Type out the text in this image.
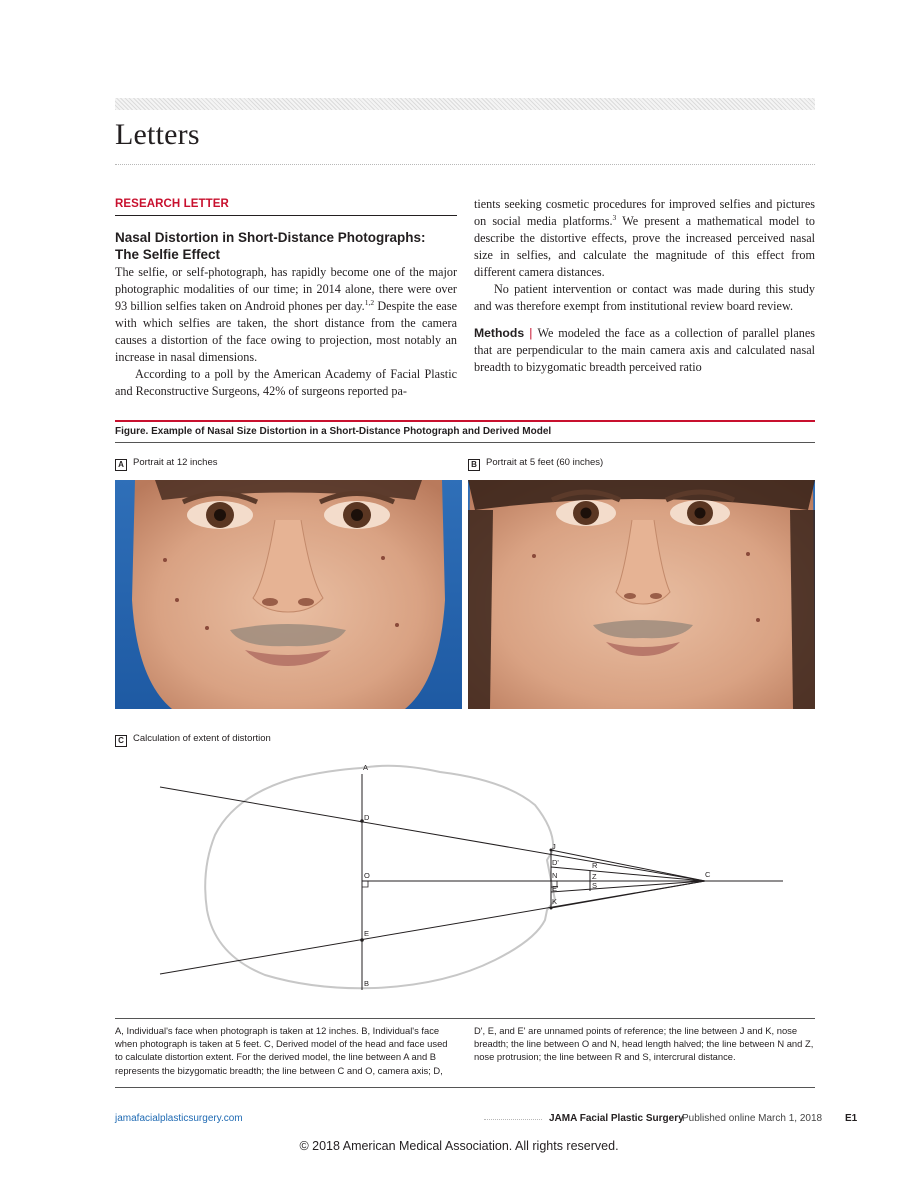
Letters
RESEARCH LETTER
Nasal Distortion in Short-Distance Photographs:
The Selfie Effect

The selfie, or self-photograph, has rapidly become one of the major photographic modalities of our time; in 2014 alone, there were over 93 billion selfies taken on Android phones per day.$^{1,2}$ Despite the ease with which selfies are taken, the short distance from the camera causes a distortion of the face owing to projection, most notably an increase in nasal dimensions.

According to a poll by the American Academy of Facial Plastic and Reconstructive Surgeons, 42% of surgeons reported pa-

tients seeking cosmetic procedures for improved selfies and pictures on social media platforms.$^3$ We present a mathematical model to describe the distortive effects, prove the increased perceived nasal size in selfies, and calculate the magnitude of this effect from different camera distances.

No patient intervention or contact was made during this study and was therefore exempt from institutional review board review.

Methods | We modeled the face as a collection of parallel planes that are perpendicular to the main camera axis and calculated nasal breadth to bizygomatic breadth perceived ratio

Figure. Example of Nasal Size Distortion in a Short-Distance Photograph and Derived Model
A Portrait at 12 inches	B Portrait at 5 feet (60 inches)
C Calculation of extent of distortion
A
B
C
D
E
O
J
K
N
D'
E'
R
S
Z
A, Individual's face when photograph is taken at 12 inches. B, Individual's face when photograph is taken at 5 feet. C, Derived model of the head and face used to calculate distortion extent. For the derived model, the line between A and B represents the bizygomatic breadth; the line between C and O, camera axis; D,
D', E, and E' are unnamed points of reference; the line between J and K, nose breadth; the line between O and N, head length halved; the line between N and Z, nose protrusion; the line between R and S, intercrural distance.
jamafacialplasticsurgery.com	JAMA Facial Plastic Surgery
Published online March 1, 2018 E1
© 2018 American Medical Association. All rights reserved.
